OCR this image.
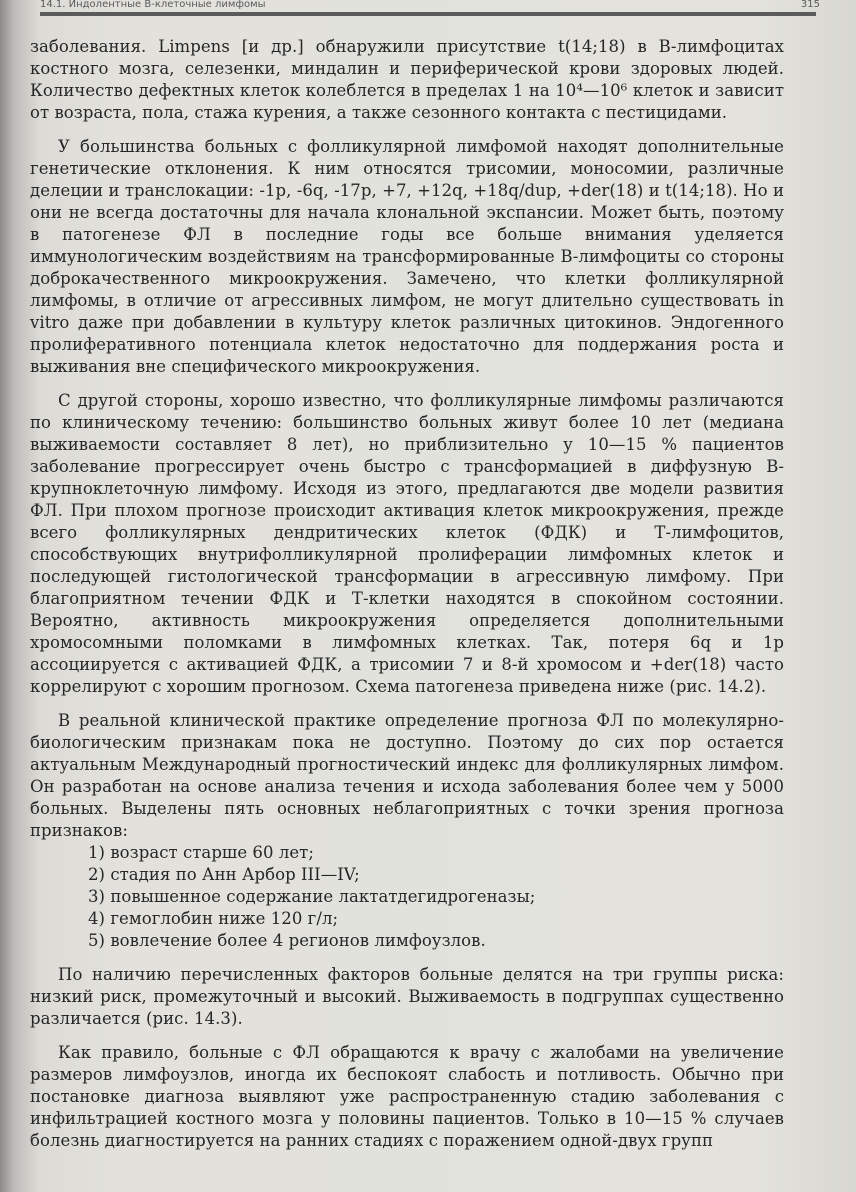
14.1. Индолентные В-клеточные лимфомы	315

заболевания. Limpens [и др.] обнаружили присутствие t(14;18) в В-лимфоцитах костного мозга, селезенки, миндалин и периферической крови здоровых людей. Количество дефектных клеток колеблется в пределах 1 на 10⁴—10⁶ клеток и зависит от возраста, пола, стажа курения, а также сезонного контакта с пестицидами.

У большинства больных с фолликулярной лимфомой находят дополнительные генетические отклонения. К ним относятся трисомии, моносомии, различные делеции и транслокации: -1p, -6q, -17p, +7, +12q, +18q/dup, +der(18) и t(14;18). Но и они не всегда достаточны для начала клональной экспансии. Может быть, поэтому в патогенезе ФЛ в последние годы все больше внимания уделяется иммунологическим воздействиям на трансформированные В-лимфоциты со стороны доброкачественного микроокружения. Замечено, что клетки фолликулярной лимфомы, в отличие от агрессивных лимфом, не могут длительно существовать in vitro даже при добавлении в культуру клеток различных цитокинов. Эндогенного пролиферативного потенциала клеток недостаточно для поддержания роста и выживания вне специфического микроокружения.

С другой стороны, хорошо известно, что фолликулярные лимфомы различаются по клиническому течению: большинство больных живут более 10 лет (медиана выживаемости составляет 8 лет), но приблизительно у 10—15 % пациентов заболевание прогрессирует очень быстро с трансформацией в диффузную В-крупноклеточную лимфому. Исходя из этого, предлагаются две модели развития ФЛ. При плохом прогнозе происходит активация клеток микроокружения, прежде всего фолликулярных дендритических клеток (ФДК) и Т-лимфоцитов, способствующих внутрифолликулярной пролиферации лимфомных клеток и последующей гистологической трансформации в агрессивную лимфому. При благоприятном течении ФДК и Т-клетки находятся в спокойном состоянии. Вероятно, активность микроокружения определяется дополнительными хромосомными поломками в лимфомных клетках. Так, потеря 6q и 1p ассоциируется с активацией ФДК, а трисомии 7 и 8-й хромосом и +der(18) часто коррелируют с хорошим прогнозом. Схема патогенеза приведена ниже (рис. 14.2).

В реальной клинической практике определение прогноза ФЛ по молекулярно-биологическим признакам пока не доступно. Поэтому до сих пор остается актуальным Международный прогностический индекс для фолликулярных лимфом. Он разработан на основе анализа течения и исхода заболевания более чем у 5000 больных. Выделены пять основных неблагоприятных с точки зрения прогноза признаков:

1) возраст старше 60 лет;
2) стадия по Анн Арбор III—IV;
3) повышенное содержание лактатдегидрогеназы;
4) гемоглобин ниже 120 г/л;
5) вовлечение более 4 регионов лимфоузлов.

По наличию перечисленных факторов больные делятся на три группы риска: низкий риск, промежуточный и высокий. Выживаемость в подгруппах существенно различается (рис. 14.3).

Как правило, больные с ФЛ обращаются к врачу с жалобами на увеличение размеров лимфоузлов, иногда их беспокоят слабость и потливость. Обычно при постановке диагноза выявляют уже распространенную стадию заболевания с инфильтрацией костного мозга у половины пациентов. Только в 10—15 % случаев болезнь диагностируется на ранних стадиях с поражением одной-двух групп
